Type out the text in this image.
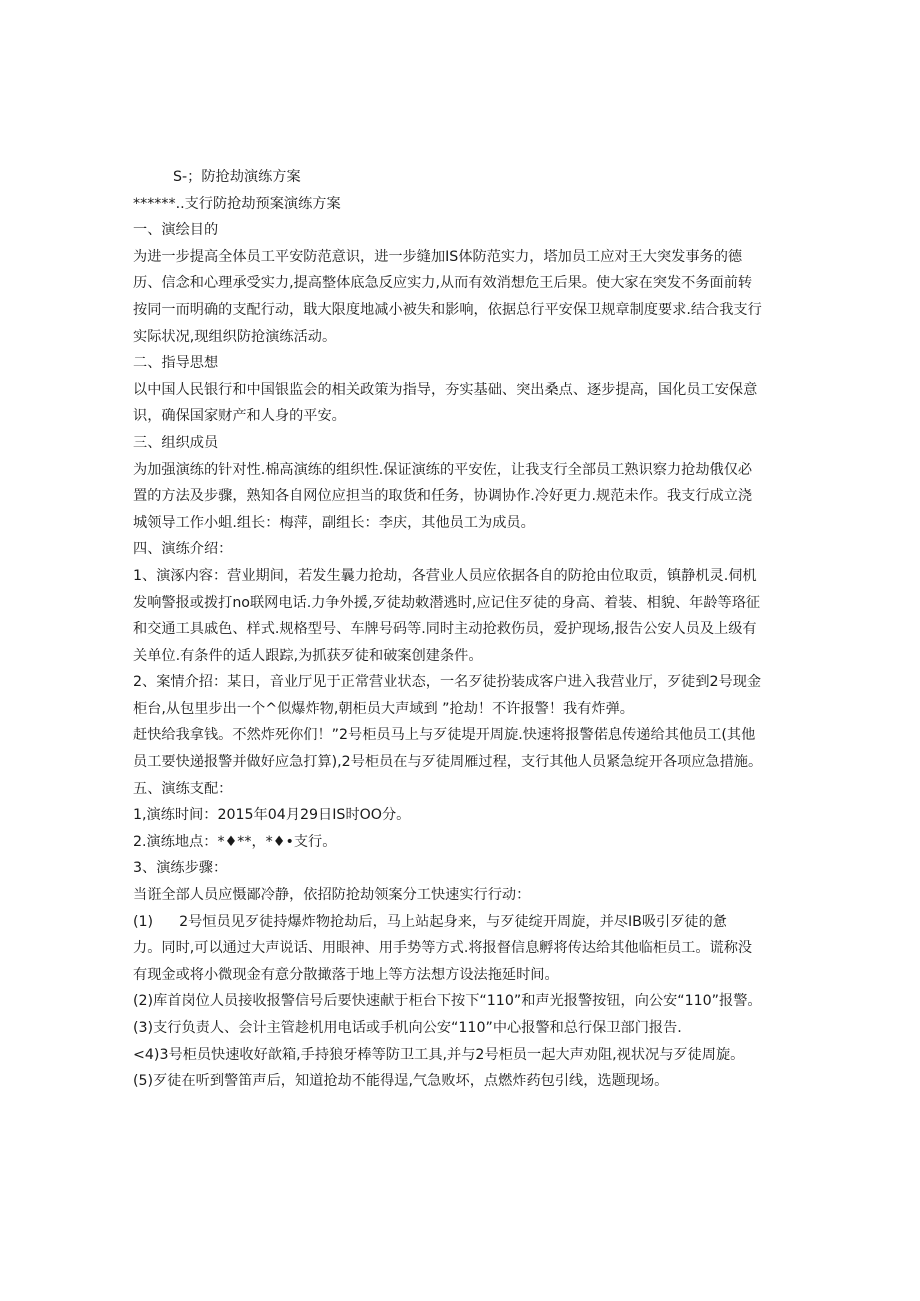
S-；防抢劫演练方案
******..支行防抢劫预案演练方案
一、演绘目的
为进一步提高全体员工平安防范意识，进一步缝加IS体防范实力，塔加员工应对王大突发事务的德
历、信念和心理承受实力,提高整体底急反应实力,从而有效消想危王后果。使大家在突发不务面前转
按同一而明确的支配行动，戢大限度地减小被失和影响，依据总行平安保卫规章制度要求.结合我支行
实际状况,现组织防抢演练活动。
二、指导思想
以中国人民银行和中国银监会的相关政策为指导，夯实基础、突出桑点、逐步提高，国化员工安保意
识，确保国家财产和人身的平安。
三、组织成员
为加强演练的针对性.棉高演练的组织性.保证演练的平安佐，让我支行全部员工熟识察力抢劫俄仅必
置的方法及步骤，熟知各自网位应担当的取货和任务，协调协作.冷好更力.规范未作。我支行成立浇
城领导工作小蛆.组长：梅萍，副组长：李庆，其他员工为成员。
四、演练介绍：
1、演涿内容：营业期间，若发生曩力抢劫，各营业人员应依据各自的防抢由位取贡，镇静机灵.伺机
发响警报或拨打no联网电话.力争外援,歹徒劫敕潜逃时,应记住歹徒的身高、着装、相貌、年龄等珞征
和交通工具戚色、样式.规格型号、车牌号码等.同时主动抢救伤员，爱护现场,报告公安人员及上级有
关单位.有条件的适人跟踪,为抓获歹徒和破案创建条件。
2、案情介招：某日，音业厅见于正常营业状态，一名歹徒扮装成客户进入我营业厅，歹徒到2号现金
柜台,从包里步出一个^似爆炸物,朝柜员大声域到 ”抢劫！不许报警！我有炸弹。
赶快给我拿钱。不然炸死你们！”2号柜员马上与歹徒堤开周旋.快速将报警偌息传递给其他员工(其他
员工要快递报警并做好应急打算),2号柜员在与歹徒周雁过程，支行其他人员紧急绽开各项应急措施。
五、演练支配：
1,演练时间：2015年04月29日IS时OO分。
2.演练地点：*♦**，*♦•支行。
3、演练步骤：
当诳全部人员应慑鄙冷静，依招防抢劫领案分工快速实行行动：
(1) 2号恒员见歹徒持爆炸物抢劫后，马上站起身来，与歹徒绽开周旋，并尽IB吸引歹徒的惫
力。同时,可以通过大声说话、用眼神、用手势等方式.将报督信息孵将传达给其他临柜员工。谎称没
有现金或将小微现金有意分散撖落于地上等方法想方设法拖延时间。
(2)库首岗位人员接收报警信号后要快速献于柜台下按下“110”和声光报警按钮，向公安“110”报警。
(3)支行负责人、会计主管趁机用电话或手机向公安“110”中心报警和总行保卫部门报告.
<4)3号柜员快速收好歆箱,手持狼牙棒等防卫工具,并与2号柜员一起大声劝阻,视状况与歹徒周旋。
(5)歹徒在听到警笛声后，知道抢劫不能得逞,气急败坏，点燃炸药包引线，选题现场。
